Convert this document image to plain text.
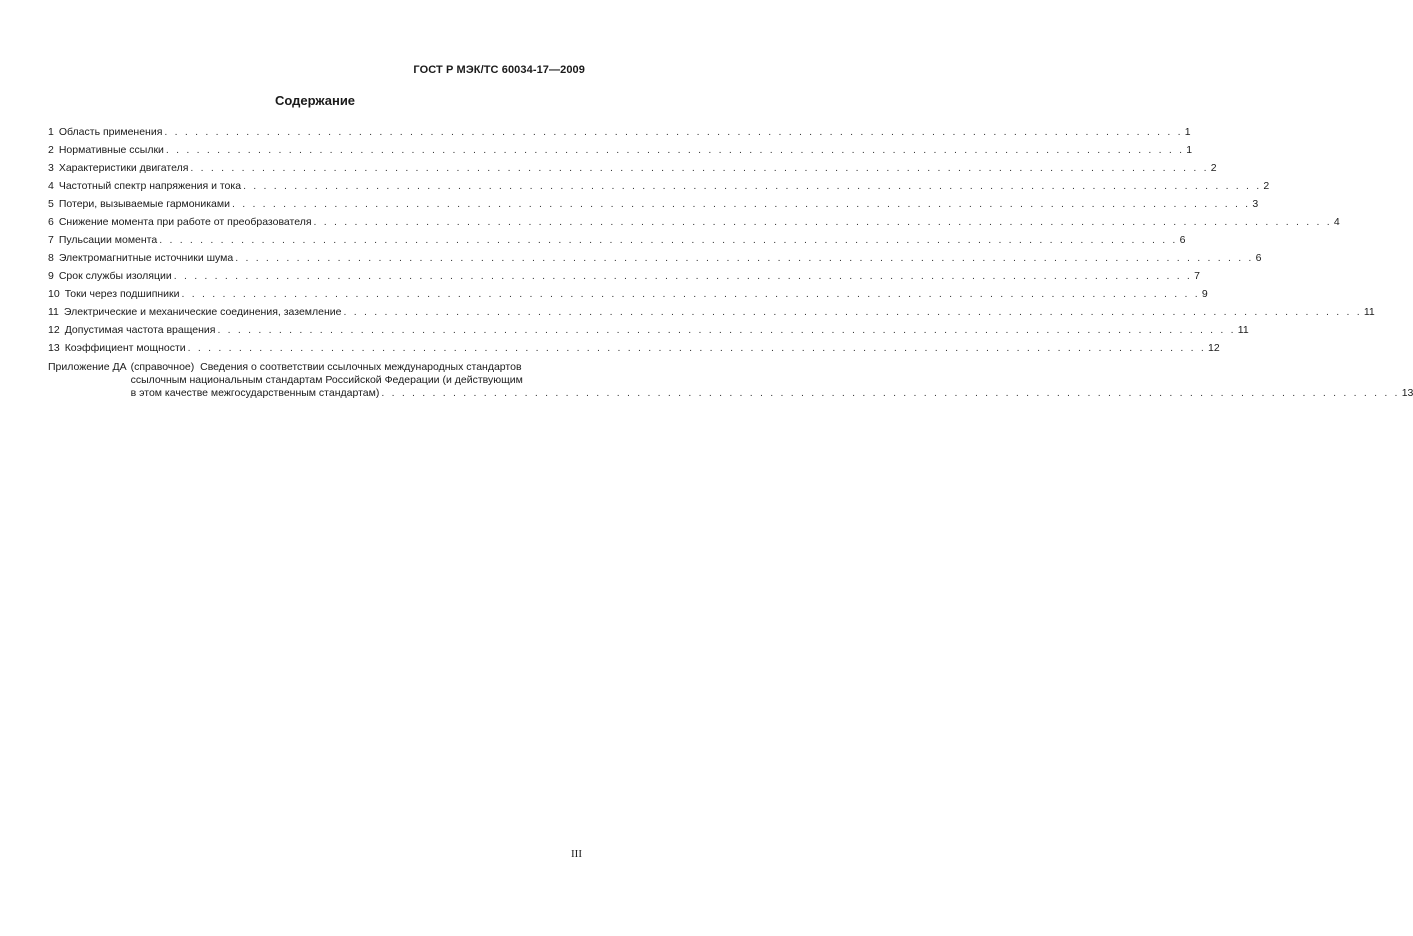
ГОСТ Р МЭК/ТС 60034-17—2009
Содержание
1 Область применения . . .	1
2 Нормативные ссылки . . .	1
3 Характеристики двигателя . . .	2
4 Частотный спектр напряжения и тока . . .	2
5 Потери, вызываемые гармониками . . .	3
6 Снижение момента при работе от преобразователя . . .	4
7 Пульсации момента . . .	6
8 Электромагнитные источники шума . . .	6
9 Срок службы изоляции . . .	7
10 Токи через подшипники . . .	9
11 Электрические и механические соединения, заземление . . .	11
12 Допустимая частота вращения . . .	11
13 Коэффициент мощности . . .	12
Приложение ДА (справочное) Сведения о соответствии ссылочных международных стандартов
ссылочным национальным стандартам Российской Федерации (и действующим
в этом качестве межгосударственным стандартам) . . .	13
III
